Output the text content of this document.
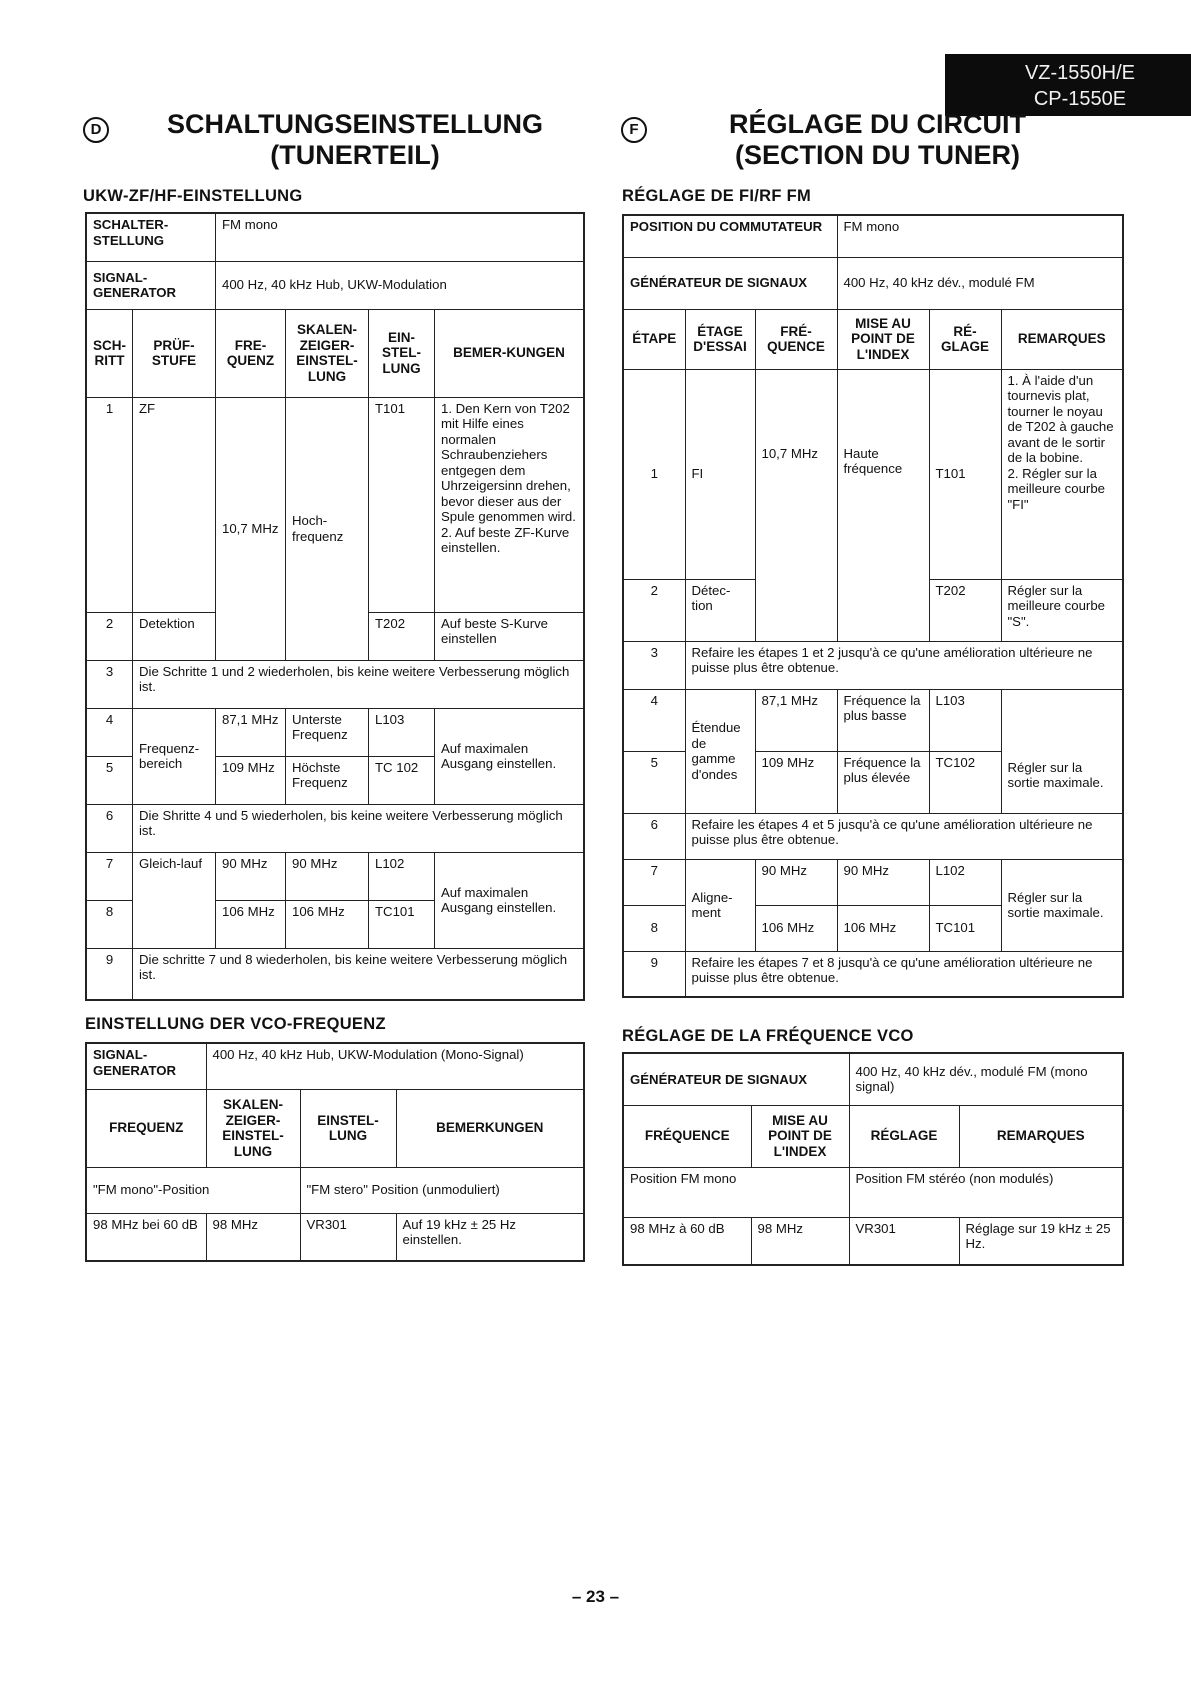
VZ-1550H/E
CP-1550E
D	SCHALTUNGSEINSTELLUNG
(TUNERTEIL)
UKW-ZF/HF-EINSTELLUNG
F	RÉGLAGE DU CIRCUIT
(SECTION DU TUNER)
RÉGLAGE DE FI/RF FM
SCHALTER-STELLUNG		FM mono			
SIGNAL-GENERATOR		400 Hz, 40 kHz Hub, UKW-Modulation			
SCH-RITT	PRÜF-STUFE	FRE-QUENZ	SKALEN-ZEIGER-EINSTEL-LUNG	EIN-STEL-LUNG	BEMER-KUNGEN
1	ZF	10,7 MHz	Hoch-frequenz	T101	1. Den Kern von T202 mit Hilfe eines normalen Schraubenziehers entgegen dem Uhrzeigersinn drehen, bevor dieser aus der Spule genommen wird.
2. Auf beste ZF-Kurve einstellen.
2	Detektion			T202	Auf beste S-Kurve einstellen
3	Die Schritte 1 und 2 wiederholen, bis keine weitere Verbesserung möglich ist.				
4	Frequenz-bereich	87,1 MHz	Unterste Frequenz	L103	Auf maximalen Ausgang einstellen.
5		109 MHz	Höchste Frequenz	TC 102	
6	Die Shritte 4 und 5 wiederholen, bis keine weitere Verbesserung möglich ist.				
7	Gleich-lauf	90 MHz	90 MHz	L102	Auf maximalen Ausgang einstellen.
8		106 MHz	106 MHz	TC101	
9	Die schritte 7 und 8 wiederholen, bis keine weitere Verbesserung möglich ist.				
EINSTELLUNG DER VCO-FREQUENZ
SIGNAL-GENERATOR	400 Hz, 40 kHz Hub, UKW-Modulation (Mono-Signal)		
FREQUENZ	SKALEN-ZEIGER-EINSTEL-LUNG	EINSTEL-LUNG	BEMERKUNGEN
"FM mono"-Position		"FM stero" Position (unmoduliert)	
98 MHz bei 60 dB	98 MHz	VR301	Auf 19 kHz ± 25 Hz einstellen.
POSITION DU COMMUTATEUR			FM mono		
GÉNÉRATEUR DE SIGNAUX			400 Hz, 40 kHz dév., modulé FM		
ÉTAPE	ÉTAGE D'ESSAI	FRÉ-QUENCE	MISE AU POINT DE L'INDEX	RÉ-GLAGE	REMARQUES
1	FI	10,7 MHz	Haute fréquence	T101	1. À l'aide d'un tournevis plat, tourner le noyau de T202 à gauche avant de le sortir de la bobine.
2. Régler sur la meilleure courbe "FI"
2	Détec-tion			T202	Régler sur la meilleure courbe "S".
3	Refaire les étapes 1 et 2 jusqu'à ce qu'une amélioration ultérieure ne puisse plus être obtenue.				
4	Étendue de gamme d'ondes	87,1 MHz	Fréquence la plus basse	L103	Régler sur la sortie maximale.
5		109 MHz	Fréquence la plus élevée	TC102	
6	Refaire les étapes 4 et 5 jusqu'à ce qu'une amélioration ultérieure ne puisse plus être obtenue.				
7	Aligne-ment	90 MHz	90 MHz	L102	Régler sur la sortie maximale.
8		106 MHz	106 MHz	TC101	
9	Refaire les étapes 7 et 8 jusqu'à ce qu'une amélioration ultérieure ne puisse plus être obtenue.				
RÉGLAGE DE LA FRÉQUENCE VCO
GÉNÉRATEUR DE SIGNAUX		400 Hz, 40 kHz dév., modulé FM (mono signal)	
FRÉQUENCE	MISE AU POINT DE L'INDEX	RÉGLAGE	REMARQUES
Position FM mono		Position FM stéréo (non modulés)	
98 MHz à 60 dB	98 MHz	VR301	Réglage sur 19 kHz ± 25 Hz.
– 23 –
